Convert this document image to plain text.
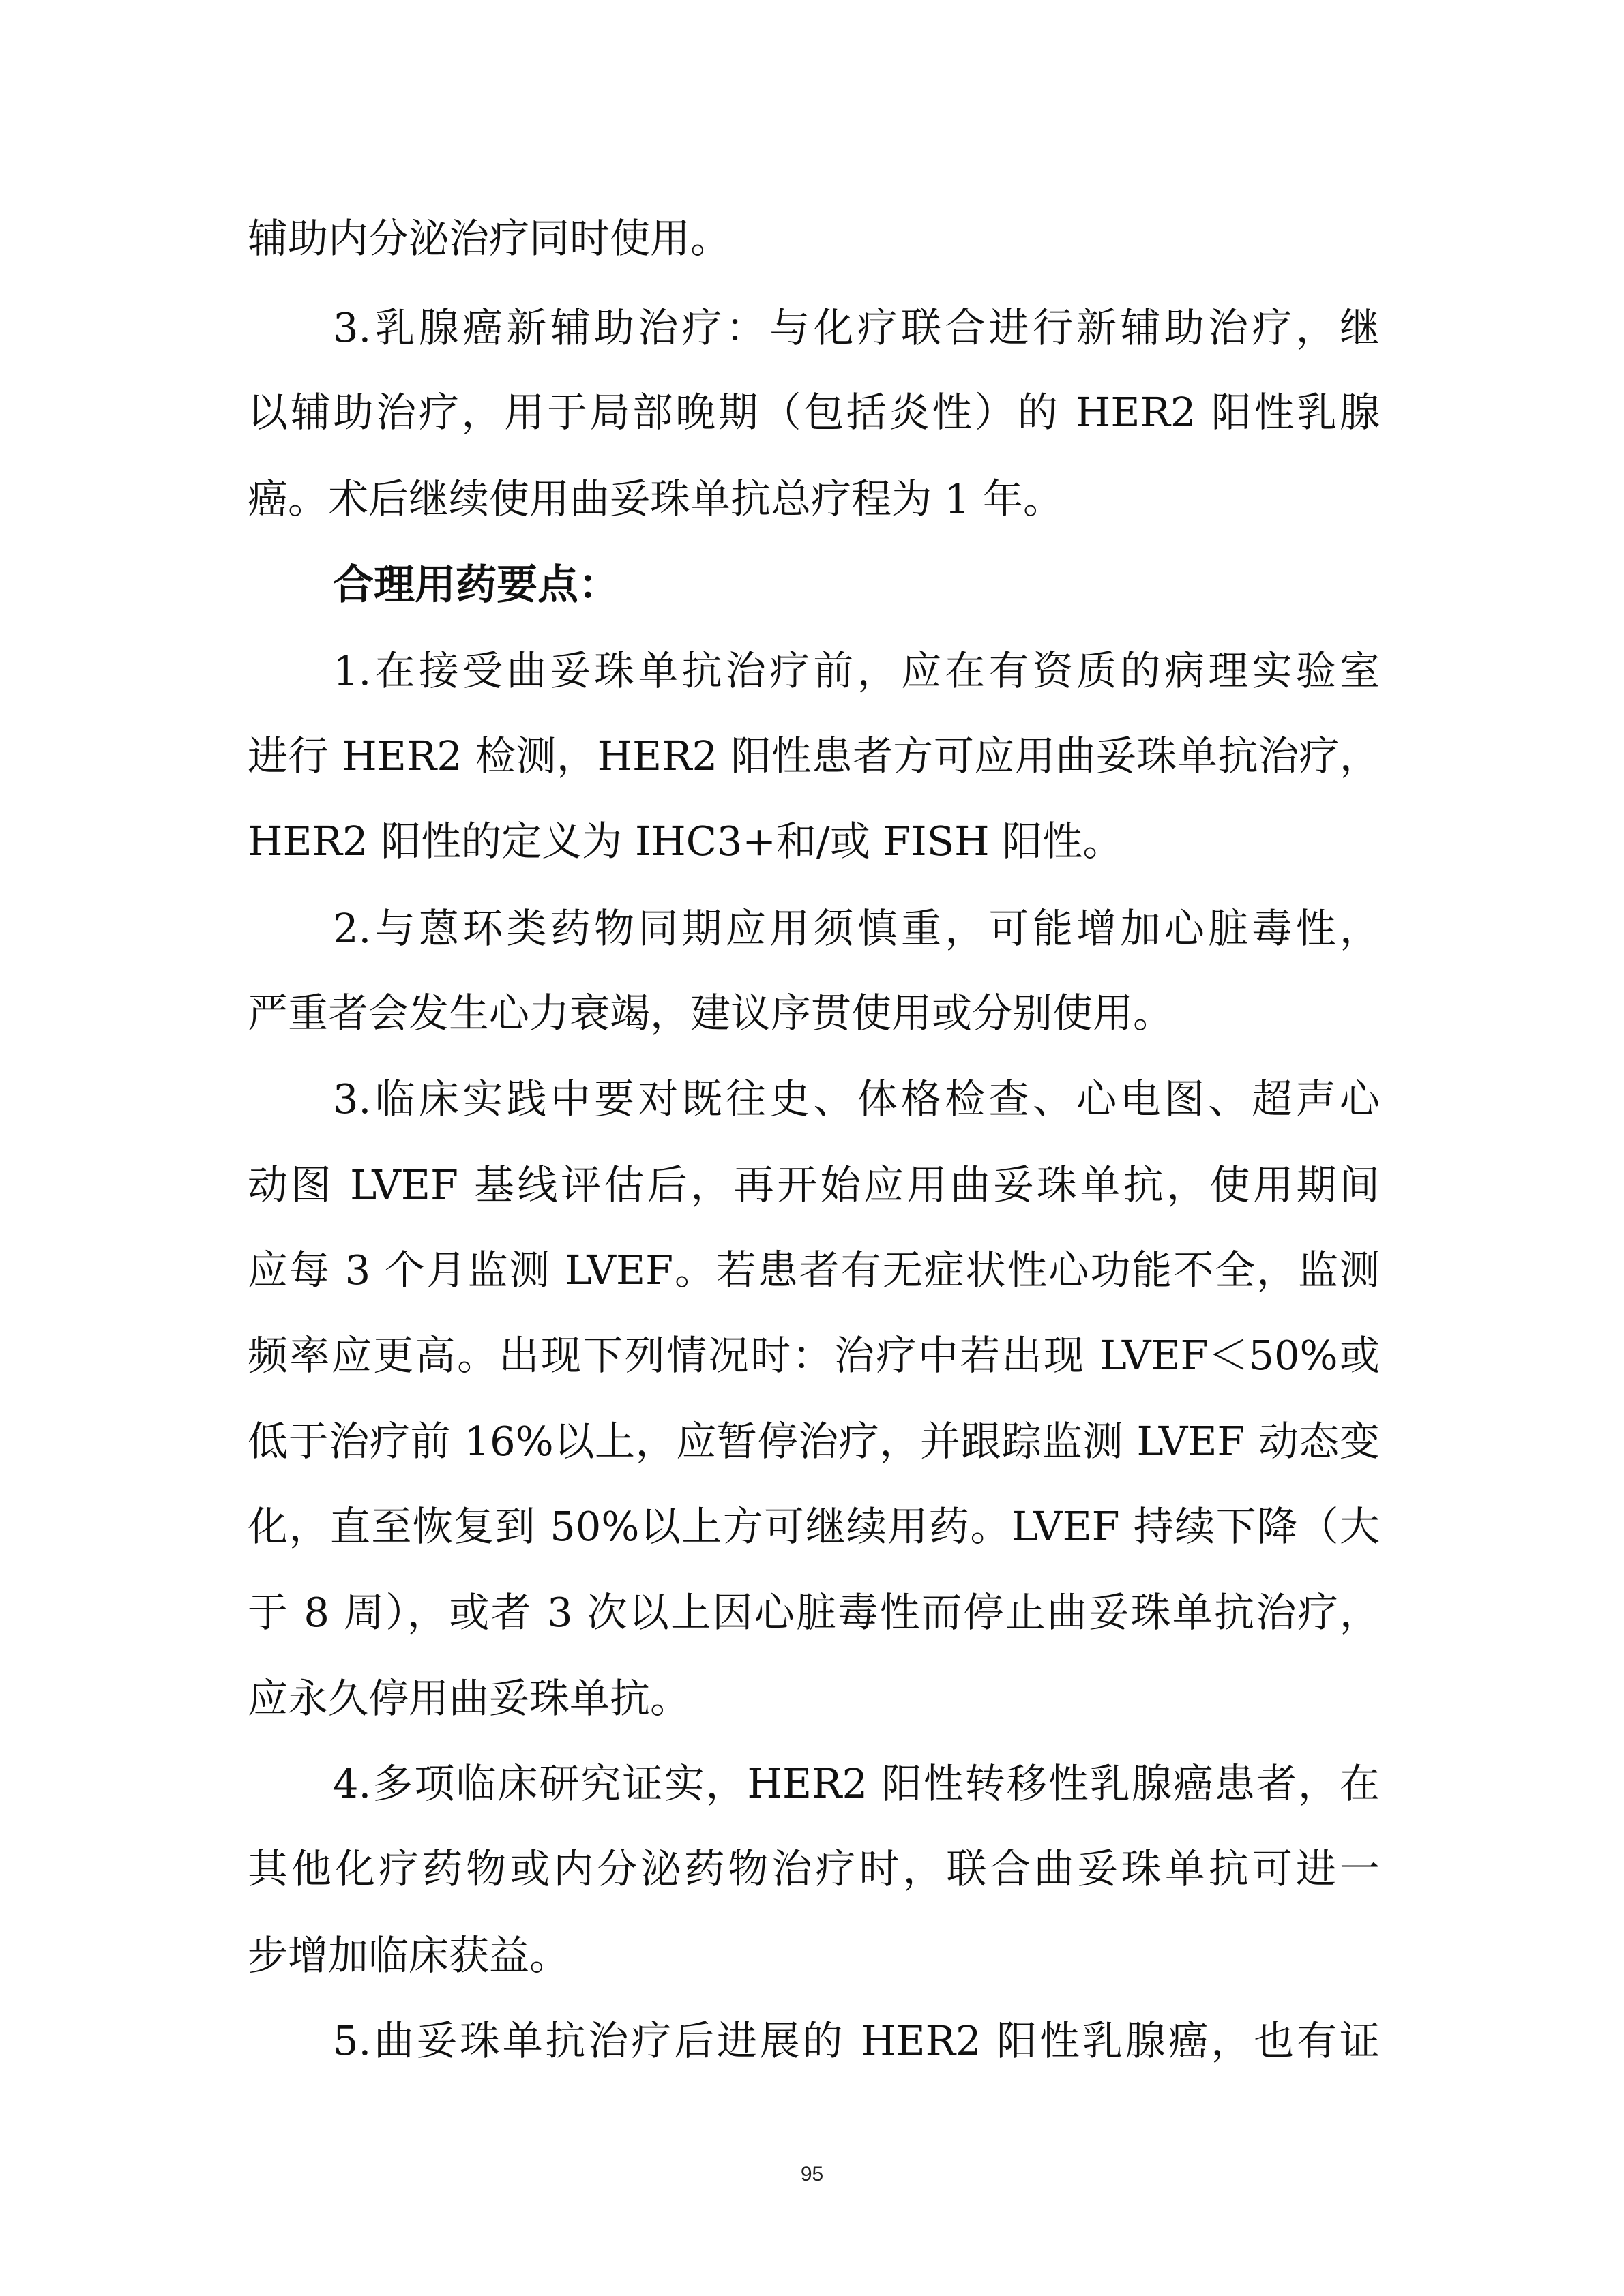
辅助内分泌治疗同时使用。
3.乳腺癌新辅助治疗：与化疗联合进行新辅助治疗，继
以辅助治疗，用于局部晚期（包括炎性）的 HER2 阳性乳腺
癌。术后继续使用曲妥珠单抗总疗程为 1 年。
合理用药要点：
1.在接受曲妥珠单抗治疗前，应在有资质的病理实验室
进行 HER2 检测，HER2 阳性患者方可应用曲妥珠单抗治疗，
HER2 阳性的定义为 IHC3+和/或 FISH 阳性。
2.与蒽环类药物同期应用须慎重，可能增加心脏毒性，
严重者会发生心力衰竭，建议序贯使用或分别使用。
3.临床实践中要对既往史、体格检查、心电图、超声心
动图 LVEF 基线评估后，再开始应用曲妥珠单抗，使用期间
应每 3 个月监测 LVEF。若患者有无症状性心功能不全，监测
频率应更高。出现下列情况时：治疗中若出现 LVEF＜50%或
低于治疗前 16%以上，应暂停治疗，并跟踪监测 LVEF 动态变
化，直至恢复到 50%以上方可继续用药。LVEF 持续下降（大
于 8 周），或者 3 次以上因心脏毒性而停止曲妥珠单抗治疗，
应永久停用曲妥珠单抗。
4.多项临床研究证实，HER2 阳性转移性乳腺癌患者，在
其他化疗药物或内分泌药物治疗时，联合曲妥珠单抗可进一
步增加临床获益。
5.曲妥珠单抗治疗后进展的 HER2 阳性乳腺癌，也有证
95
